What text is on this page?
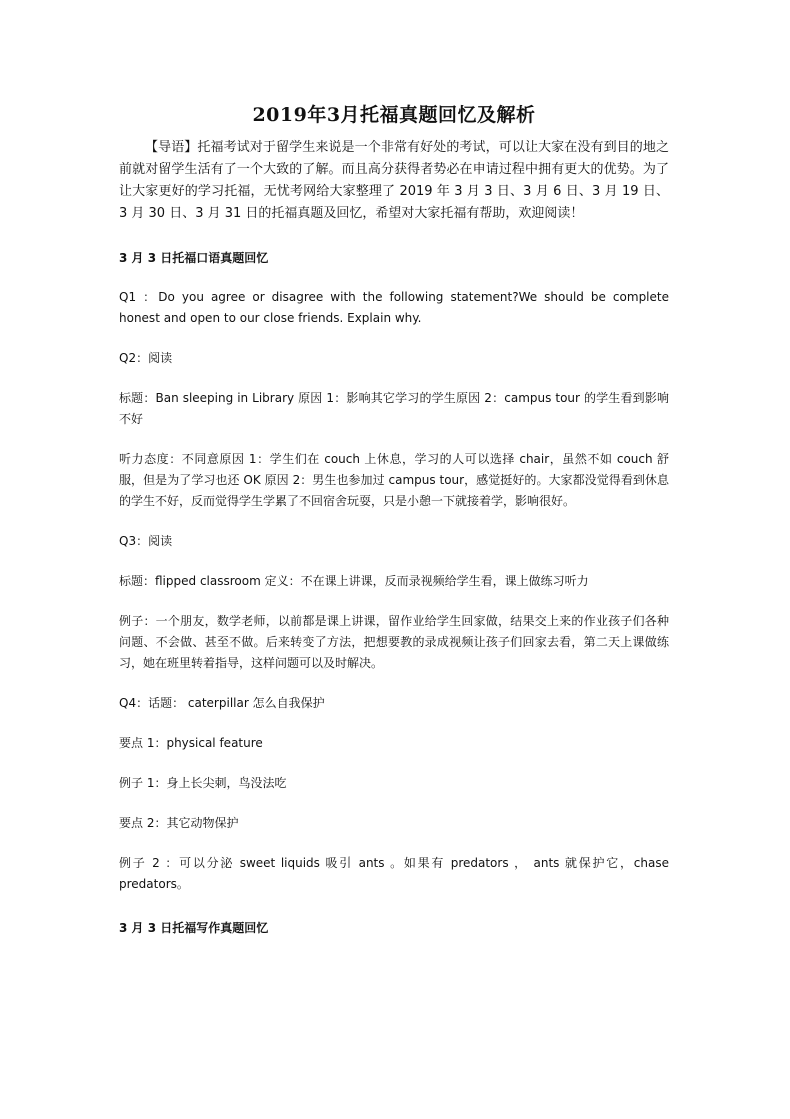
2019年3月托福真题回忆及解析

【导语】托福考试对于留学生来说是一个非常有好处的考试，可以让大家在没有到目的地之前就对留学生活有了一个大致的了解。而且高分获得者势必在申请过程中拥有更大的优势。为了让大家更好的学习托福，无忧考网给大家整理了 2019 年 3 月 3 日、3 月 6 日、3 月 19 日、3 月 30 日、3 月 31 日的托福真题及回忆，希望对大家托福有帮助，欢迎阅读！

3 月 3 日托福口语真题回忆

Q1 ：Do you agree or disagree with the following statement?We should be complete honest and open to our close friends. Explain why.

Q2：阅读

标题：Ban sleeping in Library 原因 1：影响其它学习的学生原因 2：campus tour 的学生看到影响不好

听力态度：不同意原因 1：学生们在 couch 上休息，学习的人可以选择 chair，虽然不如 couch 舒服，但是为了学习也还 OK 原因 2：男生也参加过 campus tour，感觉挺好的。大家都没觉得看到休息的学生不好，反而觉得学生学累了不回宿舍玩耍，只是小憩一下就接着学，影响很好。

Q3：阅读

标题：flipped classroom 定义：不在课上讲课，反而录视频给学生看，课上做练习听力

例子：一个朋友，数学老师，以前都是课上讲课，留作业给学生回家做，结果交上来的作业孩子们各种问题、不会做、甚至不做。后来转变了方法，把想要教的录成视频让孩子们回家去看，第二天上课做练习，她在班里转着指导，这样问题可以及时解决。

Q4：话题： caterpillar 怎么自我保护

要点 1：physical feature

例子 1：身上长尖刺，鸟没法吃

要点 2：其它动物保护

例子 2 ：可以分泌 sweet liquids 吸引 ants 。如果有 predators ， ants 就保护它，chase predators。

3 月 3 日托福写作真题回忆
